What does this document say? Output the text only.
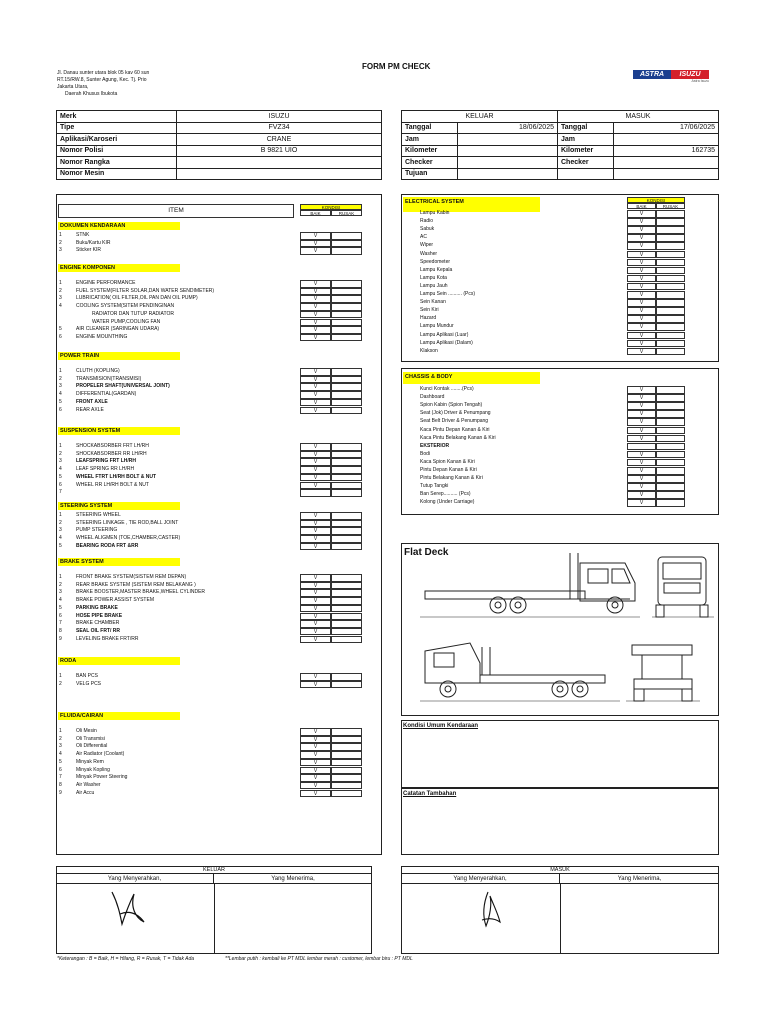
FORM PM CHECK
Jl. Danau sunter utara blok 05 kav 60 sun
RT.15/RW.8, Sunter Agung, Kec. Tj. Prio
Jakarta Utara,
Daerah Khusus Ibukota
ASTRA	ISUZU
Astra Isuzu
Merk	ISUZU
Tipe	FVZ34
Aplikasi/Karoseri	CRANE
Nomor Polisi	B 9821 UIO
Nomor Rangka	
Nomor Mesin	
KELUAR		MASUK	
Tanggal	18/06/2025	Tanggal	17/06/2025
Jam		Jam	
Kilometer		Kilometer	162735
Checker		Checker	
Tujuan			
ITEM	KONDISI
BAIK	RUSAK
DOKUMEN KENDARAAN
1	STNK	V
2	Buku/Kartu KIR	V
3	Sticker KIR	V
ENGINE KOMPONEN
1	ENGINE PERFORMANCE	V
2	FUEL SYSTEM(FILTER SOLAR,DAN WATER SENDIMETER)	V
3	LUBRICATION( OIL FILTER,OIL PAN DAN OIL PUMP)	V
4	COOLING SYSTEM(SITEM PENDINGINAN	V
RADIATOR DAN TUTUP RADIATOR	V
WATER PUMP,COOLING FAN	V
5	AIR CLEANER (SARINGAN UDARA)	V
6	ENGINE MOUNTHING	V
POWER TRAIN
1	CLUTH (KOPLING)	V
2	TRANSMISION(TRANSMISI)	V
3	PROPELER SHAFT(UNIVERSAL JOINT)	V
4	DIFFERENTIAL(GARDAN)	V
5	FRONT AXLE	V
6	REAR AXLE	V
SUSPENSION SYSTEM
1	SHOCKABSORBER FRT LH/RH	V
2	SHOCKABSORBER RR LH/RH	V
3	LEAFSPRING FRT LH/RH	V
4	LEAF SPRING RR LH/RH	V
5	WHEEL FTRT LH/RH BOLT & NUT	V
6	WHEEL RR LH/RH BOLT & NUT	V
7
STEERING SYSTEM
1	STEERING WHEEL	V
2	STEERING LINKAGE , TIE ROD,BALL JOINT	V
3	PUMP STEERING	V
4	WHEEL ALIGMEN (TOE,CHAMBER,CASTER)	V
5	BEARING RODA FRT &RR	V
BRAKE SYSTEM
1	FRONT BRAKE SYSTEM(SISTEM REM DEPAN)	V
2	REAR BRAKE SYSTEM (SISTEM REM BELAKANG )	V
3	BRAKE BOOSTER,MASTER BRAKE,WHEEL CYLINDER	V
4	BRAKE POWER ASSIST SYSTEM	V
5	PARKING BRAKE	V
6	HOSE PIPE BRAKE	V
7	BRAKE CHAMBER	V
8	SEAL OIL FRT/ RR	V
9	LEVELING BRAKE FRT/RR	V
RODA
1	BAN PCS	V
2	VELG PCS	V
FLUIDA/CAIRAN
1	Oli Mesin	V
2	Oli Transmisi	V
3	Oli Differential	V
4	Air Radiator (Coolant)	V
5	Minyak Rem	V
6	Minyak Kopling	V
7	Minyak Power Steering	V
8	Air Washer	V
9	Air Accu	V
ELECTRICAL SYSTEM	KONDISI
BAIK	RUSAK
Lampu Kabin	V
Radio	V
Sabuk	V
AC	V
Wiper	V
Washer	V
Speedometer	V
Lampu Kepala	V
Lampu Kota	V
Lampu Jauh	V
Lampu Sein .......... (Pcs)	V
Sein Kanan	V
Sein Kiri	V
Hazard	V
Lampu Mundur	V
Lampu Aplikasi (Luar)	V
Lampu Aplikasi (Dalam)	V
Klakson	V
CHASSIS & BODY
Kunci Kontak ........(Pcs)	V
Dashboard	V
Spion Kabin (Spion Tengah)	V
Seat (Jok) Driver & Penumpang	V
Seat Belt Driver & Penumpang	V
Kaca Pintu Depan Kanan & Kiri	V
Kaca Pintu Belakang Kanan & Kiri	V
EKSTERIOR
Bodi	V
Kaca Spion Kanan & Kiri	V
Pintu Depan Kanan & Kiri	V
Pintu Belakang Kanan & Kiri	V
Tutup Tangki	V
Ban Serep.......... (Pcs)	V
Kolong (Under Carriage)	V
Flat Deck
Kondisi Umum Kendaraan
Catatan Tambahan
KELUAR
Yang Menyerahkan,	Yang Menerima,
MASUK
Yang Menyerahkan,	Yang Menerima,
*Keterangan : B = Baik, H = Hilang, R = Rusak, T = Tidak Ada	**Lembar putih : kembali ke PT MDL lembar merah : customer, lembar biru : PT MDL
